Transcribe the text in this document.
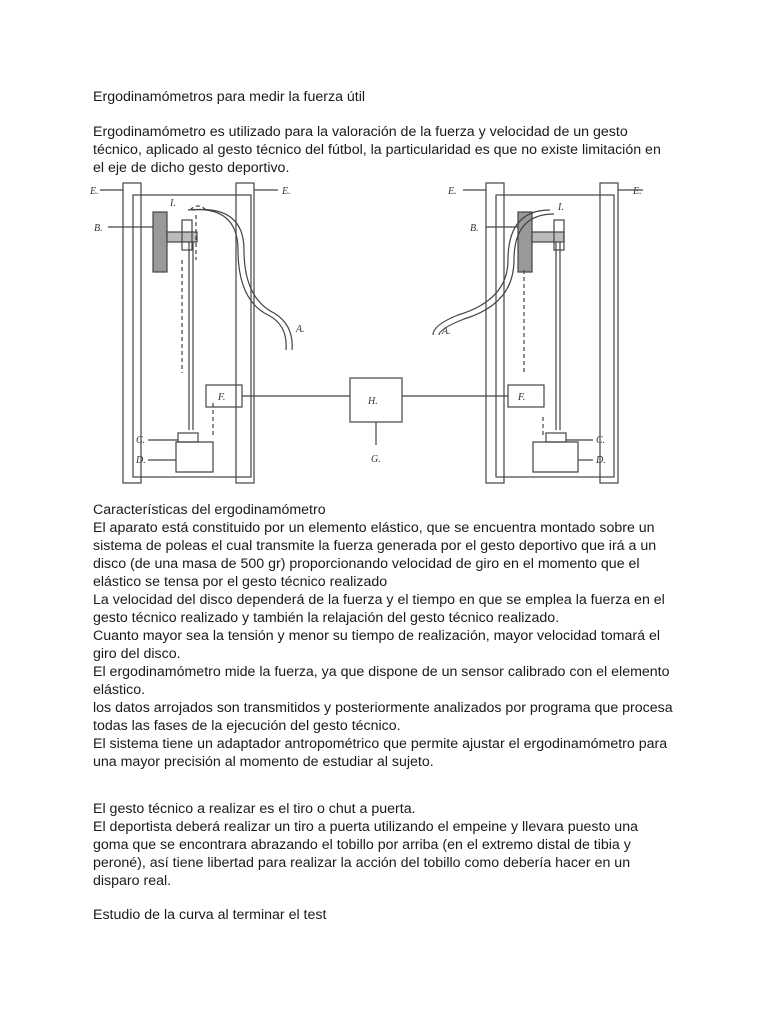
Ergodinamómetros para medir la fuerza útil

Ergodinamómetro es utilizado para la valoración de la fuerza y velocidad de un gesto
técnico, aplicado al gesto técnico del fútbol, la particularidad es que no existe limitación en
el eje de dicho gesto deportivo.

E.	E.
B.
I.
A.
F.
C.
D.
H.
G.
A.
B.
I.
E.	E.
F.
C.
D.

Características del ergodinamómetro
El aparato está constituido por un elemento elástico, que se encuentra montado sobre un
sistema de poleas el cual transmite la fuerza generada por el gesto deportivo que irá a un
disco (de una masa de 500 gr) proporcionando velocidad de giro en el momento que el
elástico se tensa por el gesto técnico realizado
La velocidad del disco dependerá de la fuerza y el tiempo en que se emplea la fuerza en el
gesto técnico realizado y también la relajación del gesto técnico realizado.
Cuanto mayor sea la tensión y menor su tiempo de realización, mayor velocidad tomará el
giro del disco.
El ergodinamómetro mide la fuerza, ya que dispone de un sensor calibrado con el elemento
elástico.
los datos arrojados son transmitidos y posteriormente analizados por programa que procesa
todas las fases de la ejecución del gesto técnico.
El sistema tiene un adaptador antropométrico que permite ajustar el ergodinamómetro para
una mayor precisión al momento de estudiar al sujeto.

El gesto técnico a realizar es el tiro o chut a puerta.
El deportista deberá realizar un tiro a puerta utilizando el empeine y llevara puesto una
goma que se encontrara abrazando el tobillo por arriba (en el extremo distal de tibia y
peroné), así tiene libertad para realizar la acción del tobillo como debería hacer en un
disparo real.

Estudio de la curva al terminar el test
